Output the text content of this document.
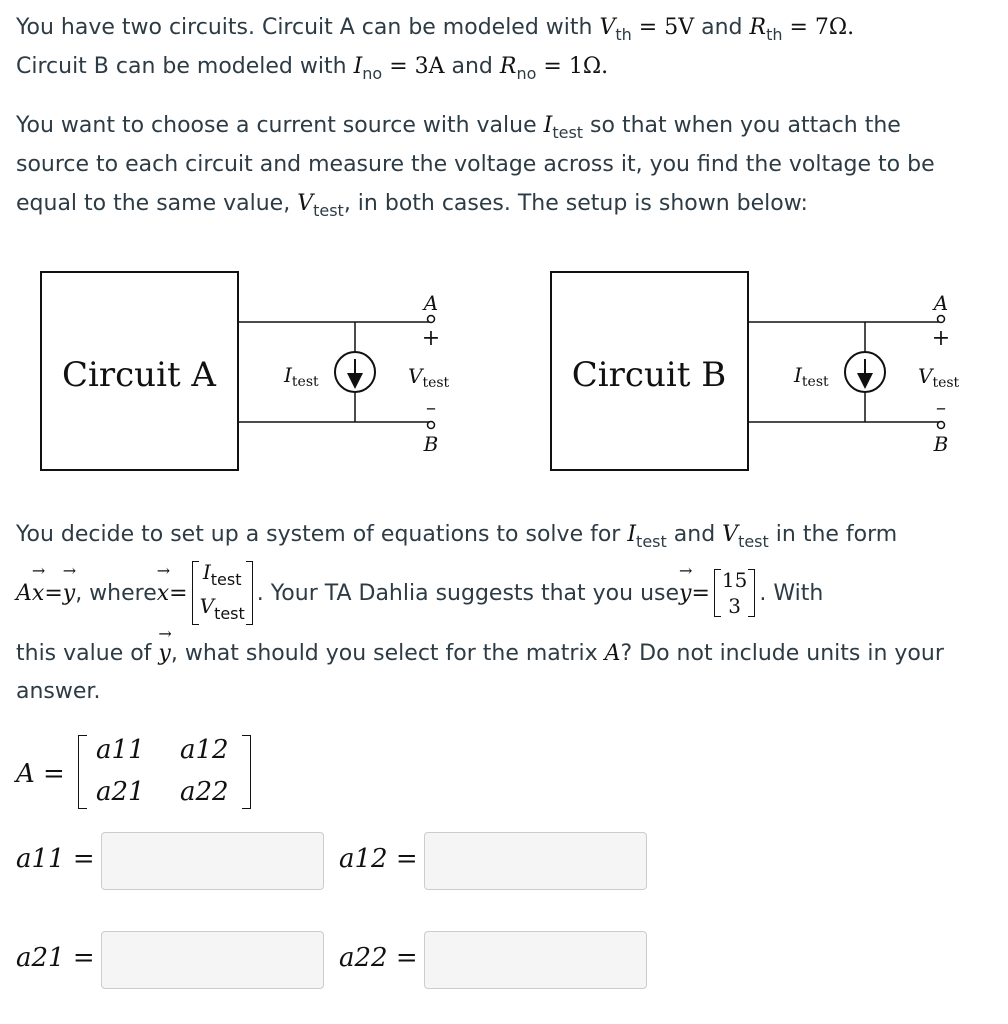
You have two circuits. Circuit A can be modeled with $V_{th} = 5V$ and $R_{th} = 7\Omega$.

Circuit B can be modeled with $I_{no} = 3A$ and $R_{no} = 1\Omega$.

You want to choose a current source with value $I_{test}$ so that when you attach the

source to each circuit and measure the voltage across it, you find the voltage to be

equal to the same value, $V_{test}$, in both cases. The setup is shown below:

Circuit A	$I_{test}$
A
+
$V_{test}$
–
B
Circuit B	$I_{test}$
A
+
$V_{test}$
–
B

You decide to set up a system of equations to solve for $I_{test}$ and $V_{test}$ in the form

A → x = → y , where → x =
$I_{test}$
$V_{test}$
. Your TA Dahlia suggests that you use → y =
15
3
. With

this value of → y, what should you select for the matrix A? Do not include units in your

answer.

A =
a11 a12
a21 a22
a11 =	a12 =
a21 =	a22 =
